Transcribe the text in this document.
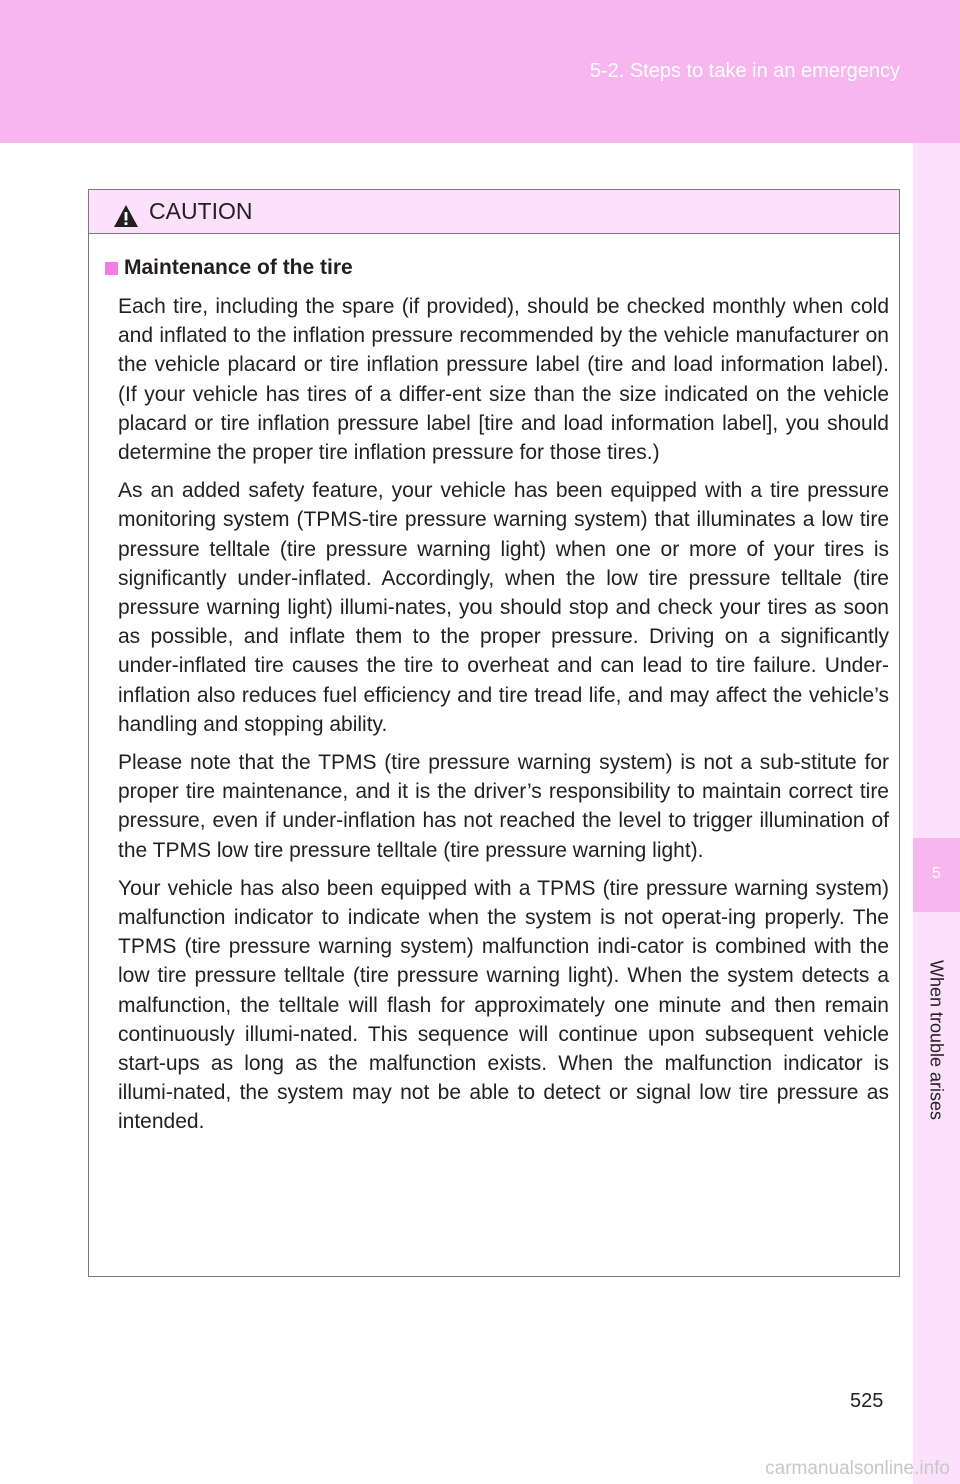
5-2. Steps to take in an emergency
5
When trouble arises
CAUTION
Maintenance of the tire

Each tire, including the spare (if provided), should be checked monthly when cold and inflated to the inflation pressure recommended by the vehicle manufacturer on the vehicle placard or tire inflation pressure label (tire and load information label). (If your vehicle has tires of a differ-ent size than the size indicated on the vehicle placard or tire inflation pressure label [tire and load information label], you should determine the proper tire inflation pressure for those tires.)

As an added safety feature, your vehicle has been equipped with a tire pressure monitoring system (TPMS-tire pressure warning system) that illuminates a low tire pressure telltale (tire pressure warning light) when one or more of your tires is significantly under-inflated. Accordingly, when the low tire pressure telltale (tire pressure warning light) illumi-nates, you should stop and check your tires as soon as possible, and inflate them to the proper pressure. Driving on a significantly under-inflated tire causes the tire to overheat and can lead to tire failure. Under-inflation also reduces fuel efficiency and tire tread life, and may affect the vehicle’s handling and stopping ability.

Please note that the TPMS (tire pressure warning system) is not a sub-stitute for proper tire maintenance, and it is the driver’s responsibility to maintain correct tire pressure, even if under-inflation has not reached the level to trigger illumination of the TPMS low tire pressure telltale (tire pressure warning light).

Your vehicle has also been equipped with a TPMS (tire pressure warning system) malfunction indicator to indicate when the system is not operat-ing properly. The TPMS (tire pressure warning system) malfunction indi-cator is combined with the low tire pressure telltale (tire pressure warning light). When the system detects a malfunction, the telltale will flash for approximately one minute and then remain continuously illumi-nated. This sequence will continue upon subsequent vehicle start-ups as long as the malfunction exists. When the malfunction indicator is illumi-nated, the system may not be able to detect or signal low tire pressure as intended.

525
carmanualsonline.info
